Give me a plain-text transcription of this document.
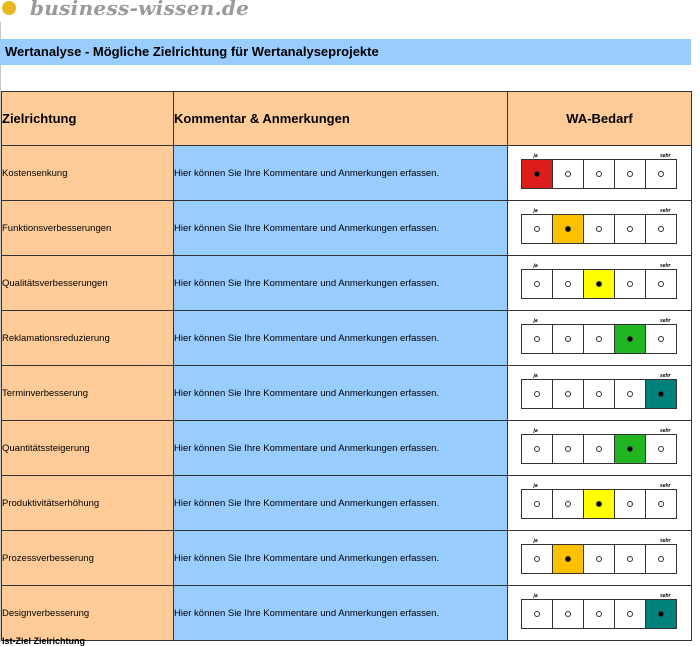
business-wissen.de
Wertanalyse - Mögliche Zielrichtung für Wertanalyseprojekte
Zielrichtung	Kommentar & Anmerkungen	WA-Bedarf
Kostensenkung	Hier können Sie Ihre Kommentare und Anmerkungen erfassen.	ja sehr

Funktionsverbesserungen	Hier können Sie Ihre Kommentare und Anmerkungen erfassen.	ja sehr

Qualitätsverbesserungen	Hier können Sie Ihre Kommentare und Anmerkungen erfassen.	ja sehr

Reklamationsreduzierung	Hier können Sie Ihre Kommentare und Anmerkungen erfassen.	ja sehr

Terminverbesserung	Hier können Sie Ihre Kommentare und Anmerkungen erfassen.	ja sehr

Quantitätssteigerung	Hier können Sie Ihre Kommentare und Anmerkungen erfassen.	ja sehr

Produktivitätserhöhung	Hier können Sie Ihre Kommentare und Anmerkungen erfassen.	ja sehr

Prozessverbesserung	Hier können Sie Ihre Kommentare und Anmerkungen erfassen.	ja sehr

Designverbesserung	Hier können Sie Ihre Kommentare und Anmerkungen erfassen.	ja sehr
Ist-Ziel Zielrichtung
